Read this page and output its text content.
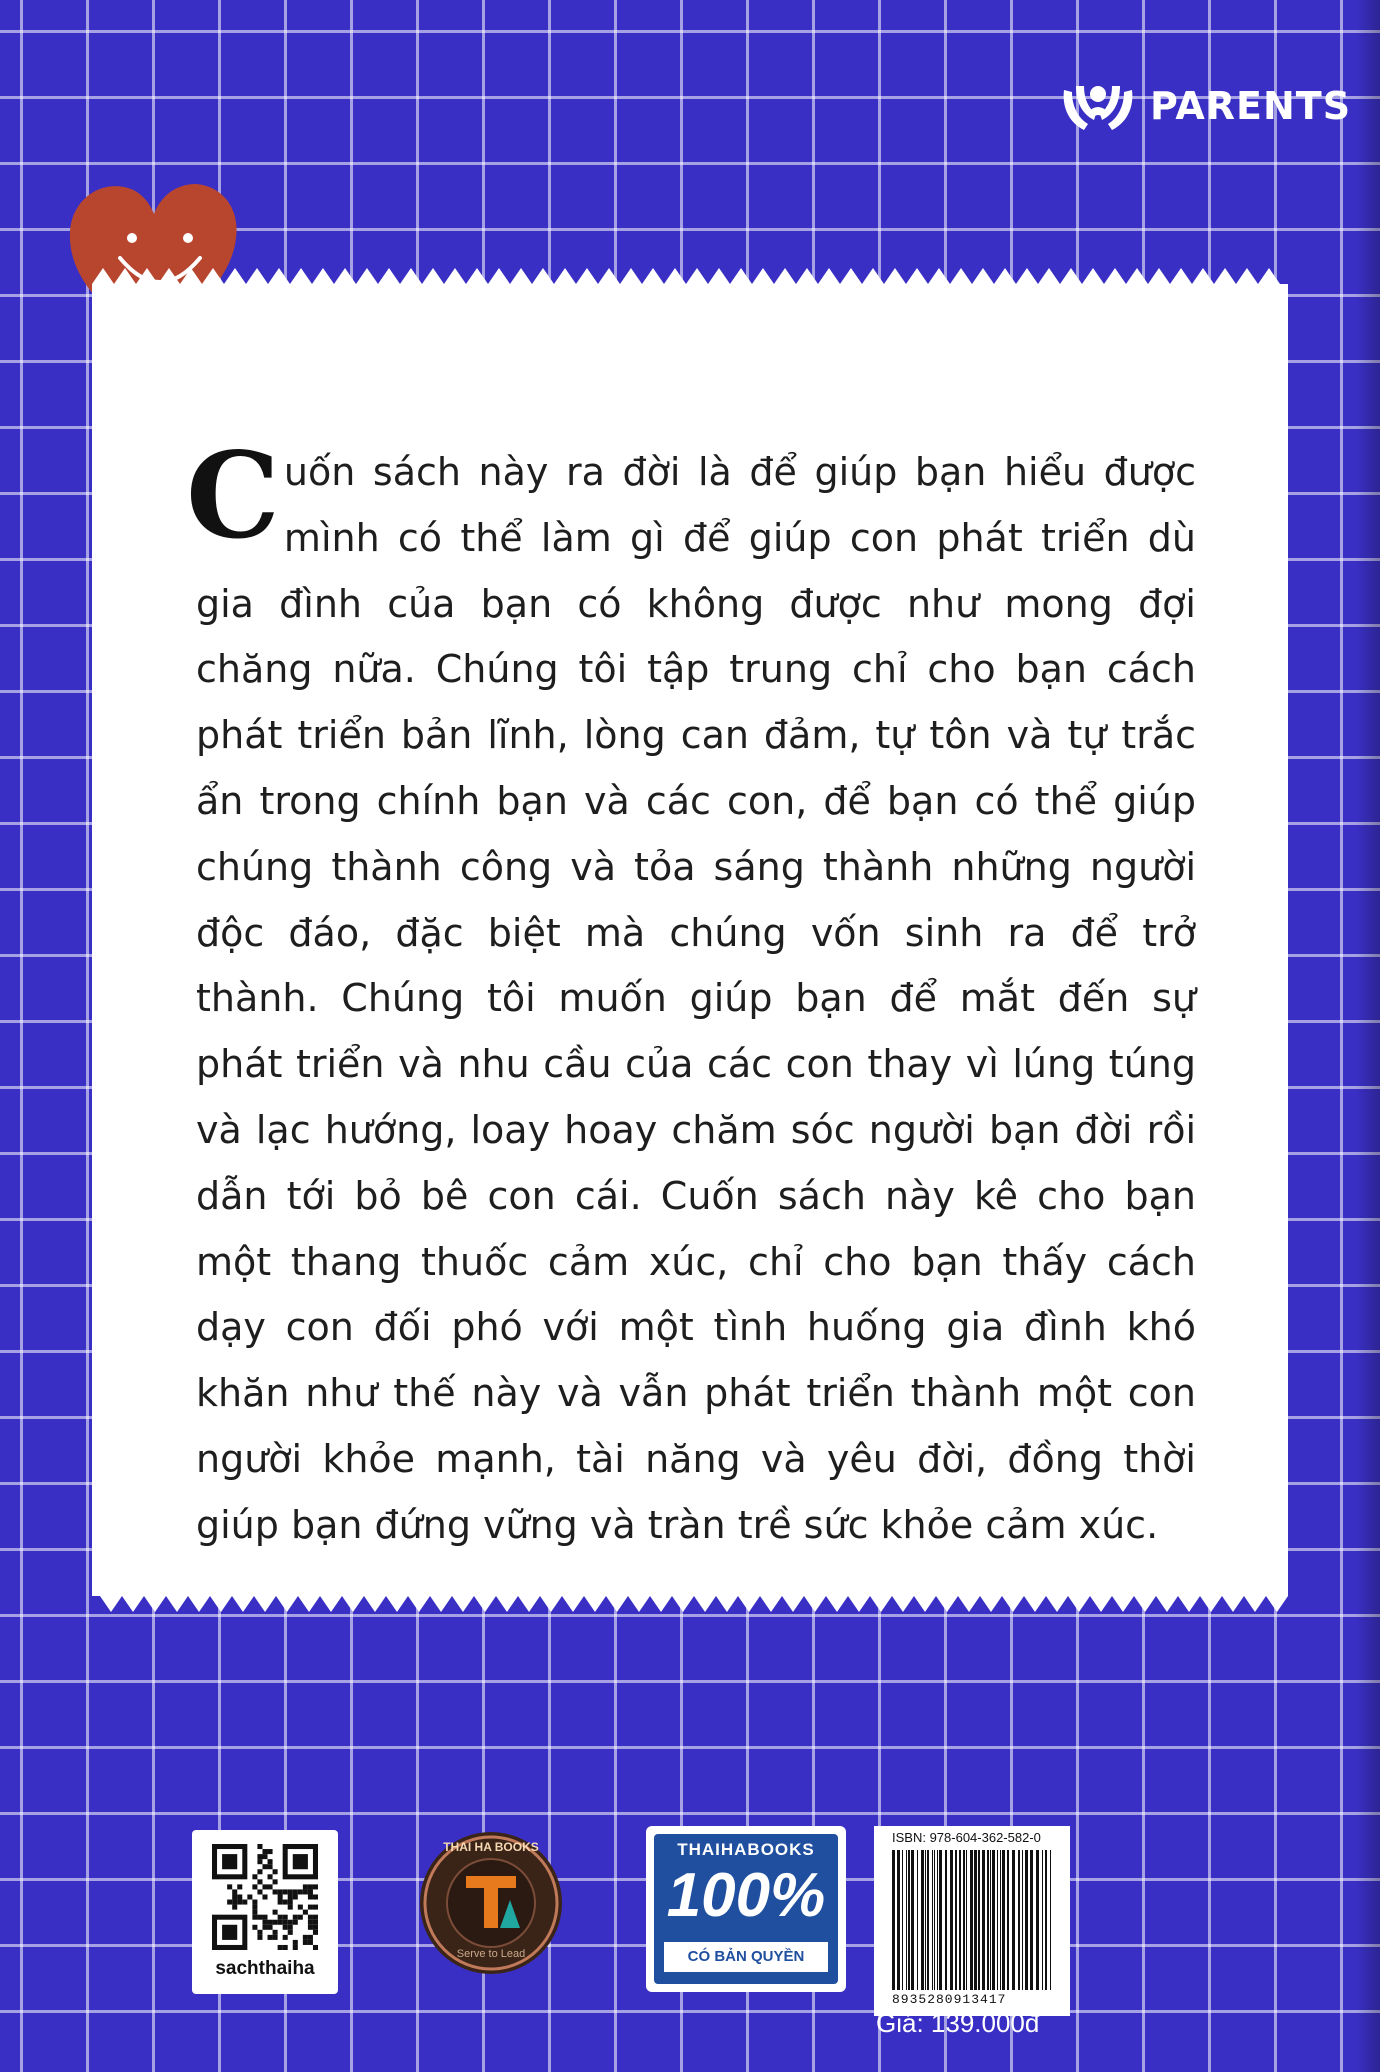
PARENTS

Cuốn sách này ra đời là để giúp bạn hiểu được mình có thể làm gì để giúp con phát triển dù gia đình của bạn có không được như mong đợi chăng nữa. Chúng tôi tập trung chỉ cho bạn cách phát triển bản lĩnh, lòng can đảm, tự tôn và tự trắc ẩn trong chính bạn và các con, để bạn có thể giúp chúng thành công và tỏa sáng thành những người độc đáo, đặc biệt mà chúng vốn sinh ra để trở thành. Chúng tôi muốn giúp bạn để mắt đến sự phát triển và nhu cầu của các con thay vì lúng túng và lạc hướng, loay hoay chăm sóc người bạn đời rồi dẫn tới bỏ bê con cái. Cuốn sách này kê cho bạn một thang thuốc cảm xúc, chỉ cho bạn thấy cách dạy con đối phó với một tình huống gia đình khó khăn như thế này và vẫn phát triển thành một con người khỏe mạnh, tài năng và yêu đời, đồng thời giúp bạn đứng vững và tràn trề sức khỏe cảm xúc.

sachthaiha
THAI HA BOOKS
Serve to Lead
THAIHABOOKS
100%
CÓ BẢN QUYỀN
ISBN: 978-604-362-582-0
8935280913417
Giá: 139.000đ
